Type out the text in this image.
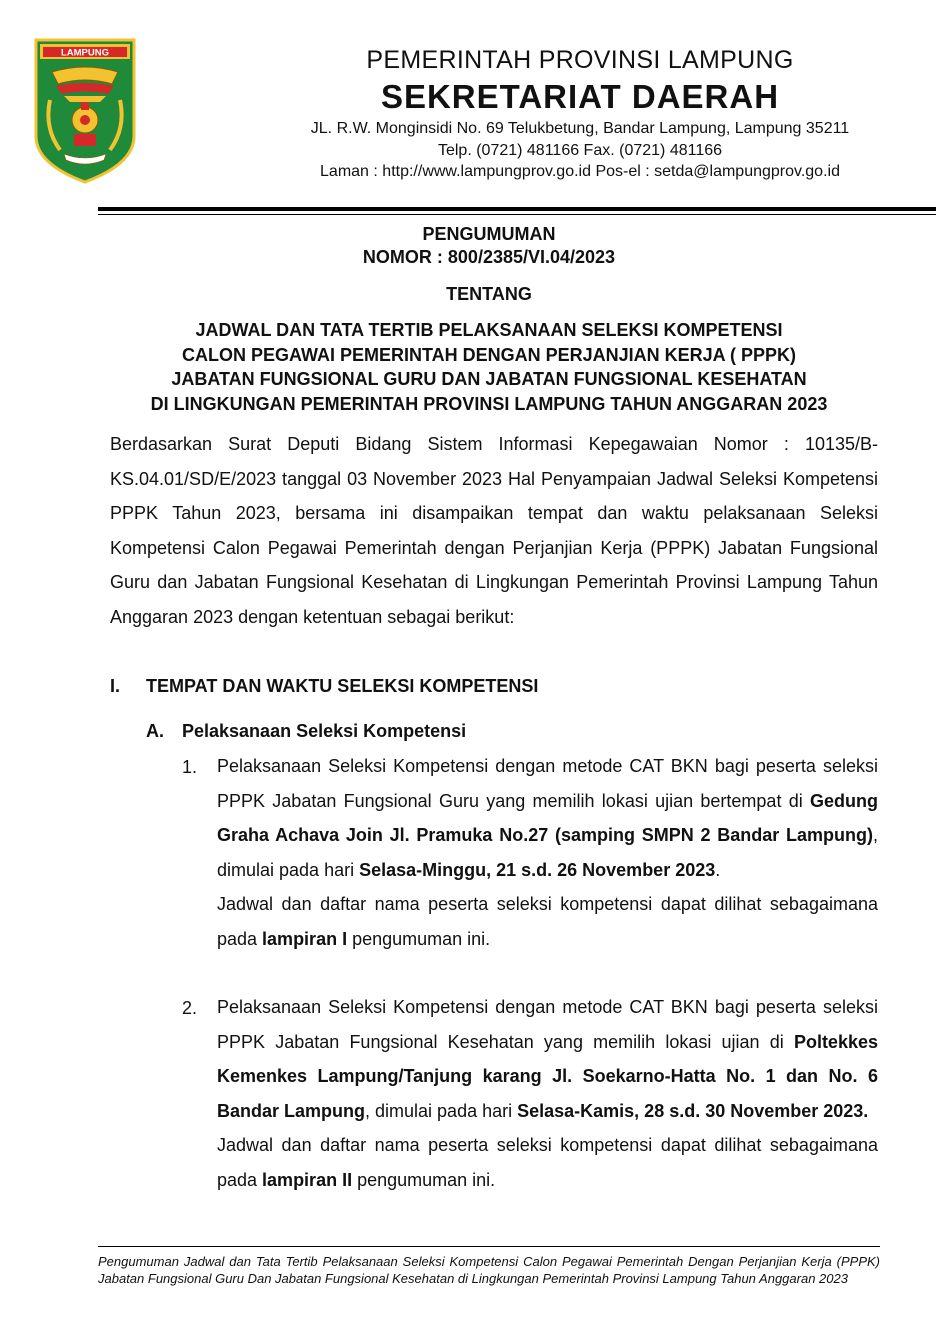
LAMPUNG	PEMERINTAH PROVINSI LAMPUNG
SEKRETARIAT DAERAH
JL. R.W. Monginsidi No. 69 Telukbetung, Bandar Lampung, Lampung 35211
Telp. (0721) 481166 Fax. (0721) 481166
Laman : http://www.lampungprov.go.id Pos-el : setda@lampungprov.go.id
PENGUMUMAN
NOMOR : 800/2385/VI.04/2023
TENTANG
JADWAL DAN TATA TERTIB PELAKSANAAN SELEKSI KOMPETENSI
CALON PEGAWAI PEMERINTAH DENGAN PERJANJIAN KERJA ( PPPK)
JABATAN FUNGSIONAL GURU DAN JABATAN FUNGSIONAL KESEHATAN
DI LINGKUNGAN PEMERINTAH PROVINSI LAMPUNG TAHUN ANGGARAN 2023
Berdasarkan Surat Deputi Bidang Sistem Informasi Kepegawaian Nomor : 10135/B-KS.04.01/SD/E/2023 tanggal 03 November 2023 Hal Penyampaian Jadwal Seleksi Kompetensi PPPK Tahun 2023, bersama ini disampaikan tempat dan waktu pelaksanaan Seleksi Kompetensi Calon Pegawai Pemerintah dengan Perjanjian Kerja (PPPK) Jabatan Fungsional Guru dan Jabatan Fungsional Kesehatan di Lingkungan Pemerintah Provinsi Lampung Tahun Anggaran 2023 dengan ketentuan sebagai berikut:
I. TEMPAT DAN WAKTU SELEKSI KOMPETENSI
A. Pelaksanaan Seleksi Kompetensi
1. Pelaksanaan Seleksi Kompetensi dengan metode CAT BKN bagi peserta seleksi PPPK Jabatan Fungsional Guru yang memilih lokasi ujian bertempat di Gedung Graha Achava Join Jl. Pramuka No.27 (samping SMPN 2 Bandar Lampung), dimulai pada hari Selasa-Minggu, 21 s.d. 26 November 2023.
Jadwal dan daftar nama peserta seleksi kompetensi dapat dilihat sebagaimana pada lampiran I pengumuman ini.
2. Pelaksanaan Seleksi Kompetensi dengan metode CAT BKN bagi peserta seleksi PPPK Jabatan Fungsional Kesehatan yang memilih lokasi ujian di Poltekkes Kemenkes Lampung/Tanjung karang Jl. Soekarno-Hatta No. 1 dan No. 6 Bandar Lampung, dimulai pada hari Selasa-Kamis, 28 s.d. 30 November 2023.
Jadwal dan daftar nama peserta seleksi kompetensi dapat dilihat sebagaimana pada lampiran II pengumuman ini.
Pengumuman Jadwal dan Tata Tertib Pelaksanaan Seleksi Kompetensi Calon Pegawai Pemerintah Dengan Perjanjian Kerja (PPPK) Jabatan Fungsional Guru Dan Jabatan Fungsional Kesehatan di Lingkungan Pemerintah Provinsi Lampung Tahun Anggaran 2023
